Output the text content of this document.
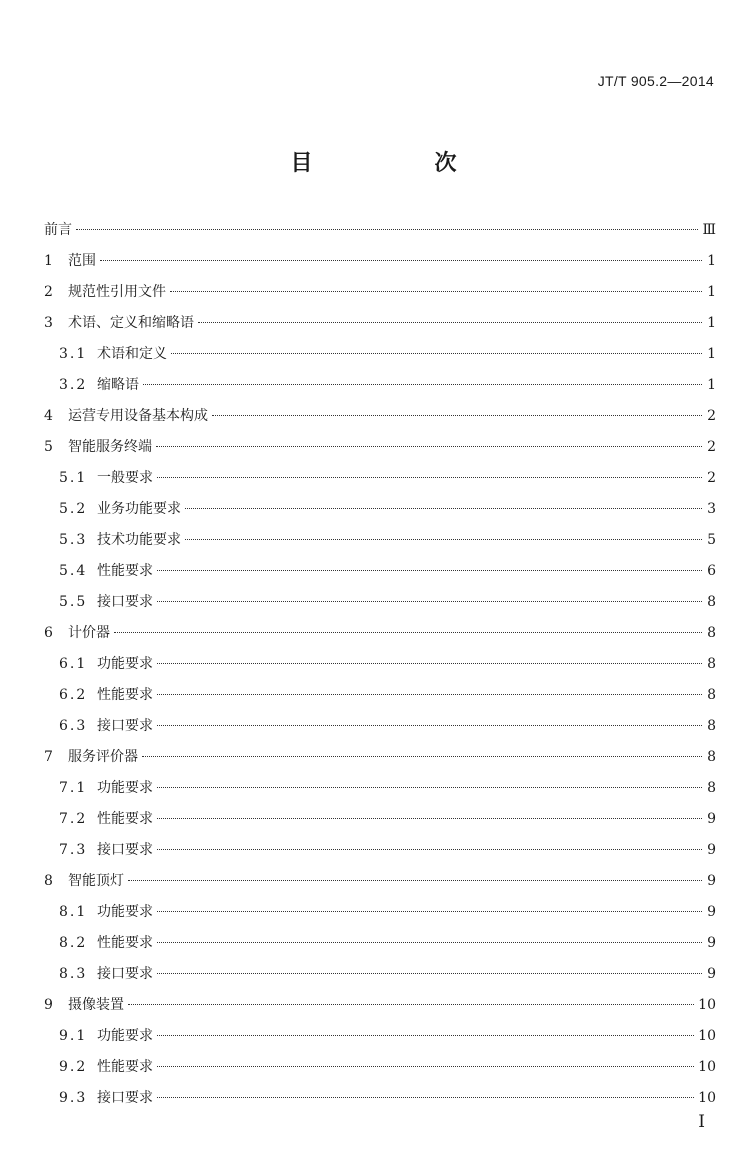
JT/T 905.2—2014
目　次
前言	Ⅲ
1	范围	1
2	规范性引用文件	1
3	术语、定义和缩略语	1
3.1 术语和定义	1
3.2 缩略语	1
4	运营专用设备基本构成	2
5	智能服务终端	2
5.1 一般要求	2
5.2 业务功能要求	3
5.3 技术功能要求	5
5.4 性能要求	6
5.5 接口要求	8
6	计价器	8
6.1 功能要求	8
6.2 性能要求	8
6.3 接口要求	8
7	服务评价器	8
7.1 功能要求	8
7.2 性能要求	9
7.3 接口要求	9
8	智能顶灯	9
8.1 功能要求	9
8.2 性能要求	9
8.3 接口要求	9
9	摄像装置	10
9.1 功能要求	10
9.2 性能要求	10
9.3 接口要求	10
Ⅰ
